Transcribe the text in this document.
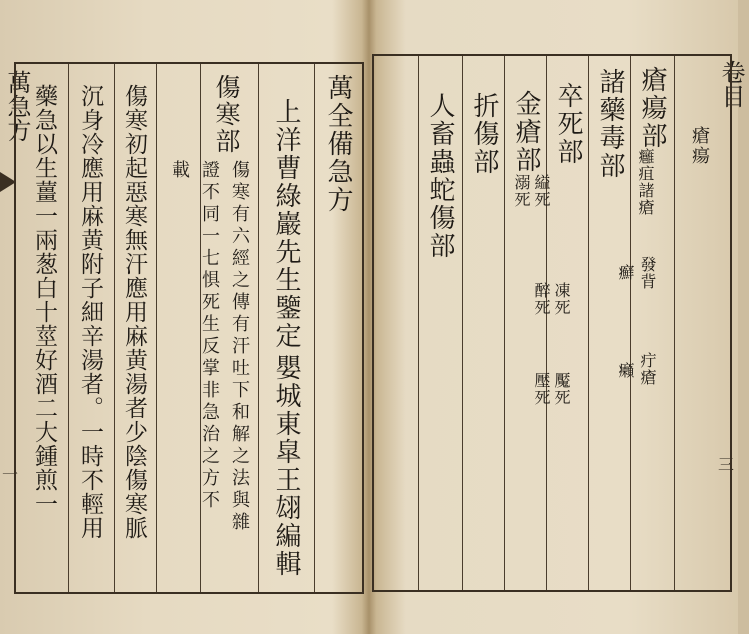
萬急方
一
萬全備急方
上洋曹綠巖先生鑒定
嬰城東皐王翃編輯
傷寒部
傷寒有六經之傳有汗吐下和解之法與雜
證不同一七惧死生反掌非急治之方不
載
傷寒初起惡寒無汗應用麻黄湯者少陰傷寒脈
沉身冷應用麻黄附子細辛湯者。一時不輕用
藥急以生薑一兩葱白十莖好酒二大鍾煎一	卷目
三
瘡瘍
瘡瘍部
癰疽
諸瘡
發背
疔瘡
癬
癩
諸藥毒部
卒死部
縊死
溺死
凍死
魘死
醉死
壓死
金瘡部
折傷部
人畜蟲蛇傷部
